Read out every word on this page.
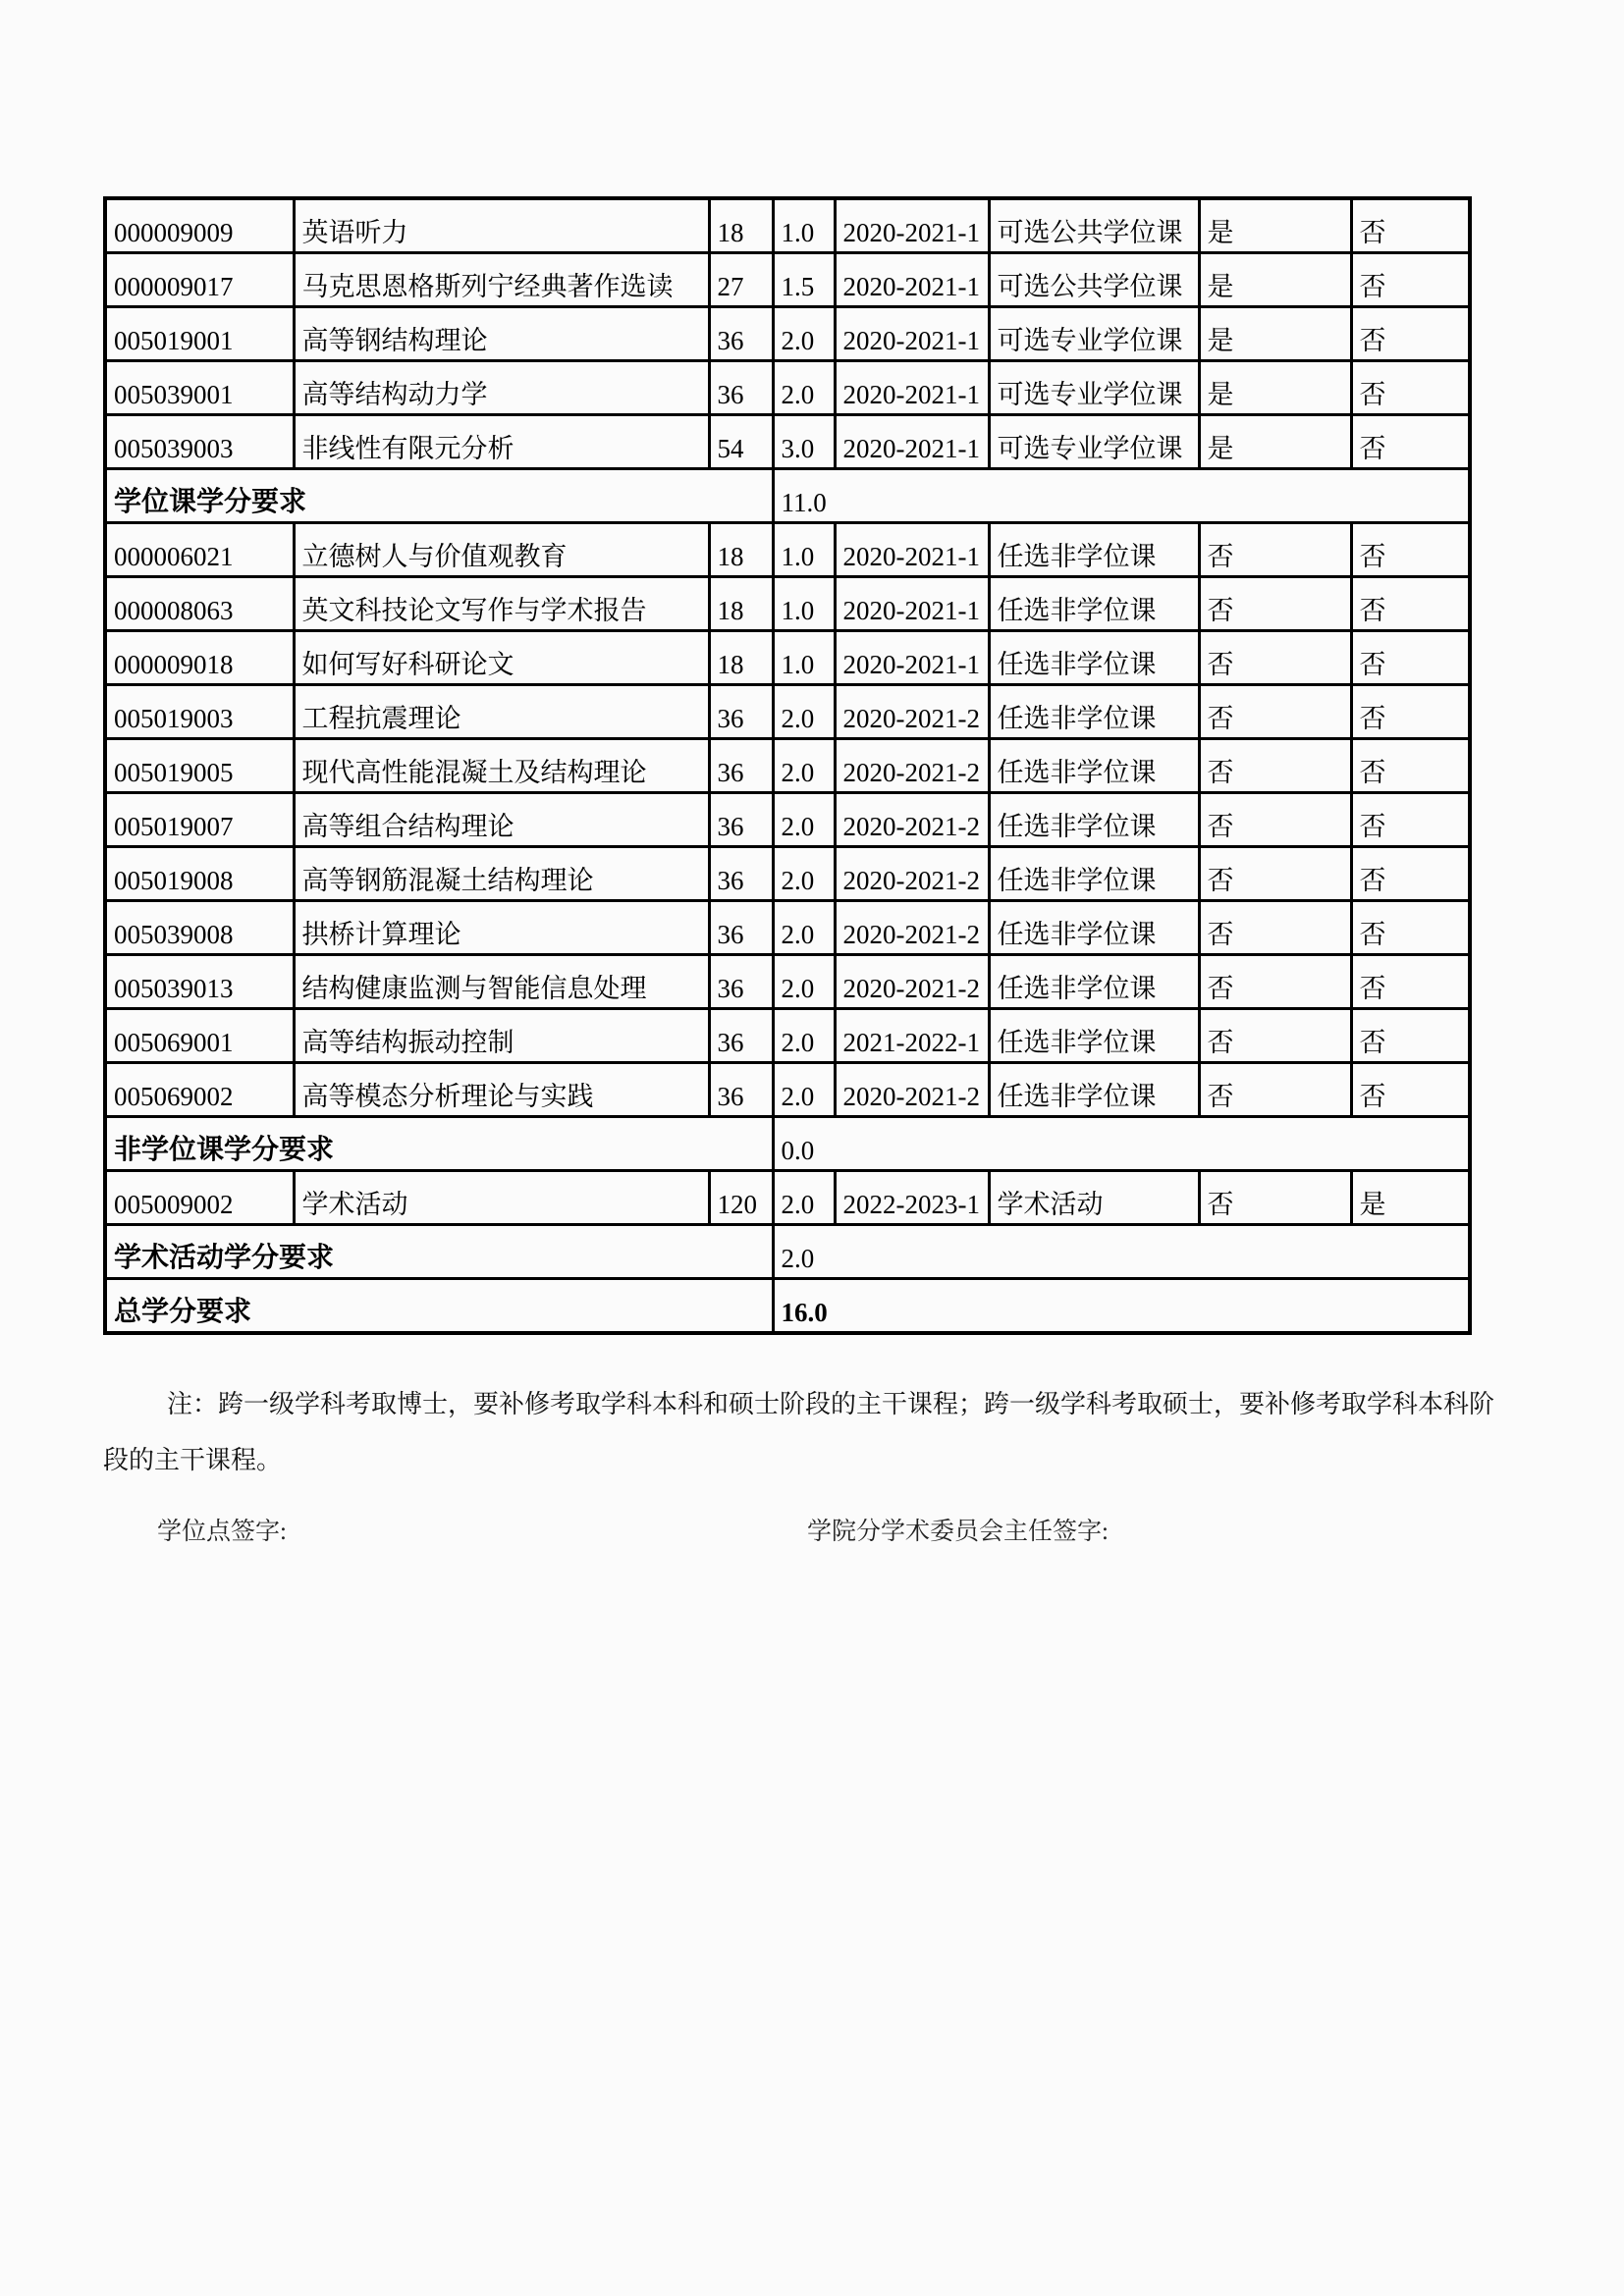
000009009	英语听力	18	1.0	2020-2021-1	可选公共学位课	是	否
000009017	马克思恩格斯列宁经典著作选读	27	1.5	2020-2021-1	可选公共学位课	是	否
005019001	高等钢结构理论	36	2.0	2020-2021-1	可选专业学位课	是	否
005039001	高等结构动力学	36	2.0	2020-2021-1	可选专业学位课	是	否
005039003	非线性有限元分析	54	3.0	2020-2021-1	可选专业学位课	是	否
学位课学分要求			11.0				
000006021	立德树人与价值观教育	18	1.0	2020-2021-1	任选非学位课	否	否
000008063	英文科技论文写作与学术报告	18	1.0	2020-2021-1	任选非学位课	否	否
000009018	如何写好科研论文	18	1.0	2020-2021-1	任选非学位课	否	否
005019003	工程抗震理论	36	2.0	2020-2021-2	任选非学位课	否	否
005019005	现代高性能混凝土及结构理论	36	2.0	2020-2021-2	任选非学位课	否	否
005019007	高等组合结构理论	36	2.0	2020-2021-2	任选非学位课	否	否
005019008	高等钢筋混凝土结构理论	36	2.0	2020-2021-2	任选非学位课	否	否
005039008	拱桥计算理论	36	2.0	2020-2021-2	任选非学位课	否	否
005039013	结构健康监测与智能信息处理	36	2.0	2020-2021-2	任选非学位课	否	否
005069001	高等结构振动控制	36	2.0	2021-2022-1	任选非学位课	否	否
005069002	高等模态分析理论与实践	36	2.0	2020-2021-2	任选非学位课	否	否
非学位课学分要求			0.0				
005009002	学术活动	120	2.0	2022-2023-1	学术活动	否	是
学术活动学分要求			2.0				
总学分要求			16.0				
注：跨一级学科考取博士，要补修考取学科本科和硕士阶段的主干课程；跨一级学科考取硕士，要补修考取学科本科阶
段的主干课程。
学位点签字:	学院分学术委员会主任签字:
